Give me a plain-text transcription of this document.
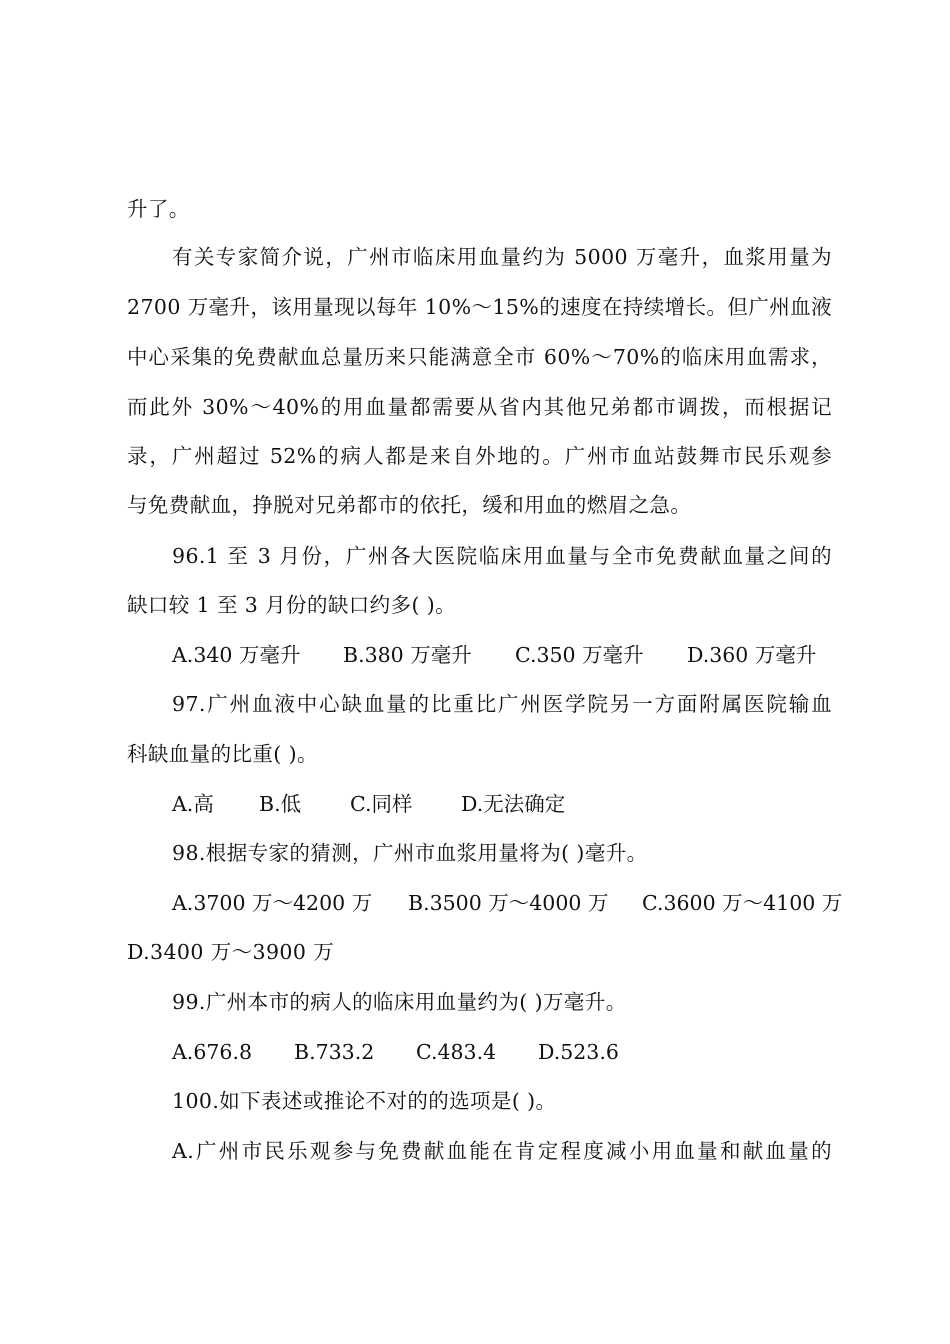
升了。
有关专家简介说，广州市临床用血量约为 5000 万毫升，血浆用量为
2700 万毫升，该用量现以每年 10%～15%的速度在持续增长。但广州血液
中心采集的免费献血总量历来只能满意全市 60%～70%的临床用血需求，
而此外 30%～40%的用血量都需要从省内其他兄弟都市调拨，而根据记
录，广州超过 52%的病人都是来自外地的。广州市血站鼓舞市民乐观参
与免费献血，挣脱对兄弟都市的依托，缓和用血的燃眉之急。
96.1 至 3 月份，广州各大医院临床用血量与全市免费献血量之间的
缺口较 1 至 3 月份的缺口约多( )。
A.340 万毫升 B.380 万毫升 C.350 万毫升 D.360 万毫升
97.广州血液中心缺血量的比重比广州医学院另一方面附属医院输血
科缺血量的比重( )。
A.高 B.低 C.同样 D.无法确定
98.根据专家的猜测，广州市血浆用量将为( )毫升。
A.3700 万～4200 万 B.3500 万～4000 万 C.3600 万～4100 万
D.3400 万～3900 万
99.广州本市的病人的临床用血量约为( )万毫升。
A.676.8 B.733.2 C.483.4 D.523.6
100.如下表述或推论不对的的选项是( )。
A.广州市民乐观参与免费献血能在肯定程度减小用血量和献血量的
